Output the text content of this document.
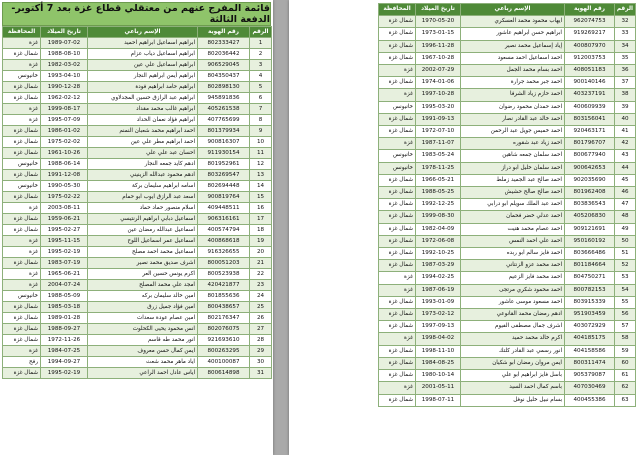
قائمة المفرج عنهم من معتقلي قطاع غزة بعد 7 أكتوبر- الدفعة الثالثة
الرقم	رقم الهوية	الإسم رباعي	تاريخ الميلاد	المحافظة
1	802333427	ابراهيم اسماعيل ابراهيم احميد	1989-07-02	غزة
2	802036442	ابراهيم اسماعيل دياب عزام	1988-08-10	شمال غزة
3	906529045	ابراهيم اسماعيل علي عين	1982-03-02	غزة
4	804350437	ابراهيم أيمن ابراهيم النجار	1993-04-10	خانيونس
5	802898130	ابراهيم حامد ابراهيم فودة	1990-12-28	شمال غزة
6	945891836	ابراهيم عبد الرازق حسين المجدلاوي	1962-02-12	شمال غزة
7	405261538	ابراهيم غالب محمد مقداد	1999-08-17	غزة
8	407765699	ابراهيم فؤاد نعمان الحداد	1995-07-09	غزة
9	801379934	احمد ابراهيم محمد شعبان النمنم	1986-01-02	شمال غزة
10	900816307	احمد ابراهيم مطر علي عين	1975-02-02	شمال غزة
11	911930154	احسان عبد علي علي	1961-10-26	شمال غزة
12	801952961	ادهم كايد جمعه النجار	1988-06-14	خانيونس
13	803269547	ادهم محمود عبدالله الزينيني	1991-12-08	شمال غزة
14	802694448	اسامه ابراهيم سليمان بركة	1990-05-30	خانيونس
15	900819764	اسعد عبد الرازق ايوب ابو حمام	1975-02-22	شمال غزة
16	409448511	اسلام منصور حماد حماد	2003-08-11	غزة
17	906316161	اسماعيل دبابي ابراهيم الرنتيسي	1959-06-21	شمال غزة
18	400574794	اسماعيل عبدالله رمضان عين	1995-02-27	شمال غزة
19	400868618	اسماعيل عمر اسماعيل اللوح	1995-11-15	غزة
20	916326655	اسماعيل محمد احمد مصلح	1995-02-19	غزة
21	800051203	اشرف صديق محمد نصير	1983-07-19	شمال غزة
22	800523938	اكرم يونس حسين العر	1965-06-21	غزة
23	420421877	امجد علي محمد المصلح	2004-07-24	غزة
24	801855636	امين خالد سليمان بركه	1988-05-09	خانيونس
25	800438657	امين فؤاد جميل زرق	1985-03-18	شمال غزة
26	802176347	امين عصام عودة سعدات	1989-01-28	شمال غزة
27	802076075	انس محمود يحيى الكحلوت	1988-09-27	شمال غزة
28	921693610	انور محمد طه قاسم	1972-11-26	شمال غزة
29	800263295	ايمن كمال حسن معروف	1984-07-25	غزة
30	400100087	اياد ماهر محمد شعث	1994-09-27	رفح
31	800614898	اياس عادل احمد الراعي	1995-02-19	شمال غزة
الرقم	رقم الهوية	الإسم رباعي	تاريخ الميلاد	المحافظة
32	962074753	ايهاب محمود محمد العسكري	1970-05-20	شمال غزة
33	919269217	ابراهيم حسن ابراهيم عاشور	1973-01-15	شمال غزة
34	400807970	إياد إسماعيل محمد نصير	1996-11-28	شمال غزة
35	912003753	احمد اسماعيل احمد مسعود	1967-10-28	شمال غزة
36	408051183	احمد بسام محمد الجمل	2002-07-29	غزة
37	900140146	احمد جبر محمد جرارة	1974-01-06	شمال غزة
38	403237191	احمد حازم زياد الشرفا	1997-10-28	غزة
39	400609939	احمد حمدان محمود رضوان	1995-03-20	خانيونس
40	803156041	احمد خالد عبد القادر نصار	1991-09-13	شمال غزة
41	920463171	احمد خميس جويل عبد الرحمن	1972-07-10	شمال غزة
42	801796707	احمد زياد عبد شقوره	1987-11-07	غزة
43	800677940	احمد سلمان جمعه شاهين	1983-05-24	خانيونس
44	900642653	احمد سلمان خليل ابو دراز	1978-11-25	خانيونس
45	902035690	احمد صالح عبد الجميد زملط	1966-05-21	شمال غزة
46	801962408	احمد صالح صالح حشيش	1988-05-25	شمال غزة
47	803836543	احمد عبد الملك سويلم ابو درابي	1992-12-25	شمال غزة
48	405206830	احمد عدلي خضر فحمان	1999-08-30	شمال غزة
49	909121691	احمد عصام محمد هنيت	1982-04-09	شمال غزة
50	950160192	احمد علي احمد النمس	1972-06-08	شمال غزة
51	803666486	احمد فايز سالم ابو ربده	1992-10-25	شمال غزة
52	801184664	احمد محمد عزو الزنتاني	1987-03-29	شمال غزة
53	804750271	احمد محمد فايز الزعيم	1994-02-25	غزة
54	800782153	احمد محمود شكري مرتجى	1987-06-19	غزة
55	803915339	احمد مسعود موسى عاشور	1993-01-09	شمال غزة
56	951903459	ادهم رمضان محمد القانوعي	1973-02-12	شمال غزة
57	403072929	اشرف جمال مصطفى الفيوم	1997-09-13	شمال غزة
58	404185175	اكرم خالد محمد حميد	1998-04-02	غزة
59	404158586	انور رسمي عبد القادر كلتك	1998-11-10	شمال غزة
60	800311474	ايمن مروان رمضان ابو شكيان	1984-08-25	شمال غزة
61	905379087	باسل فايز ابراهيم ابو علي	1980-10-14	شمال غزة
62	407030469	باسم كمال احمد السيد	2001-05-11	غزة
63	400455386	بسام نبيل خليل نوفل	1998-07-11	شمال غزة
